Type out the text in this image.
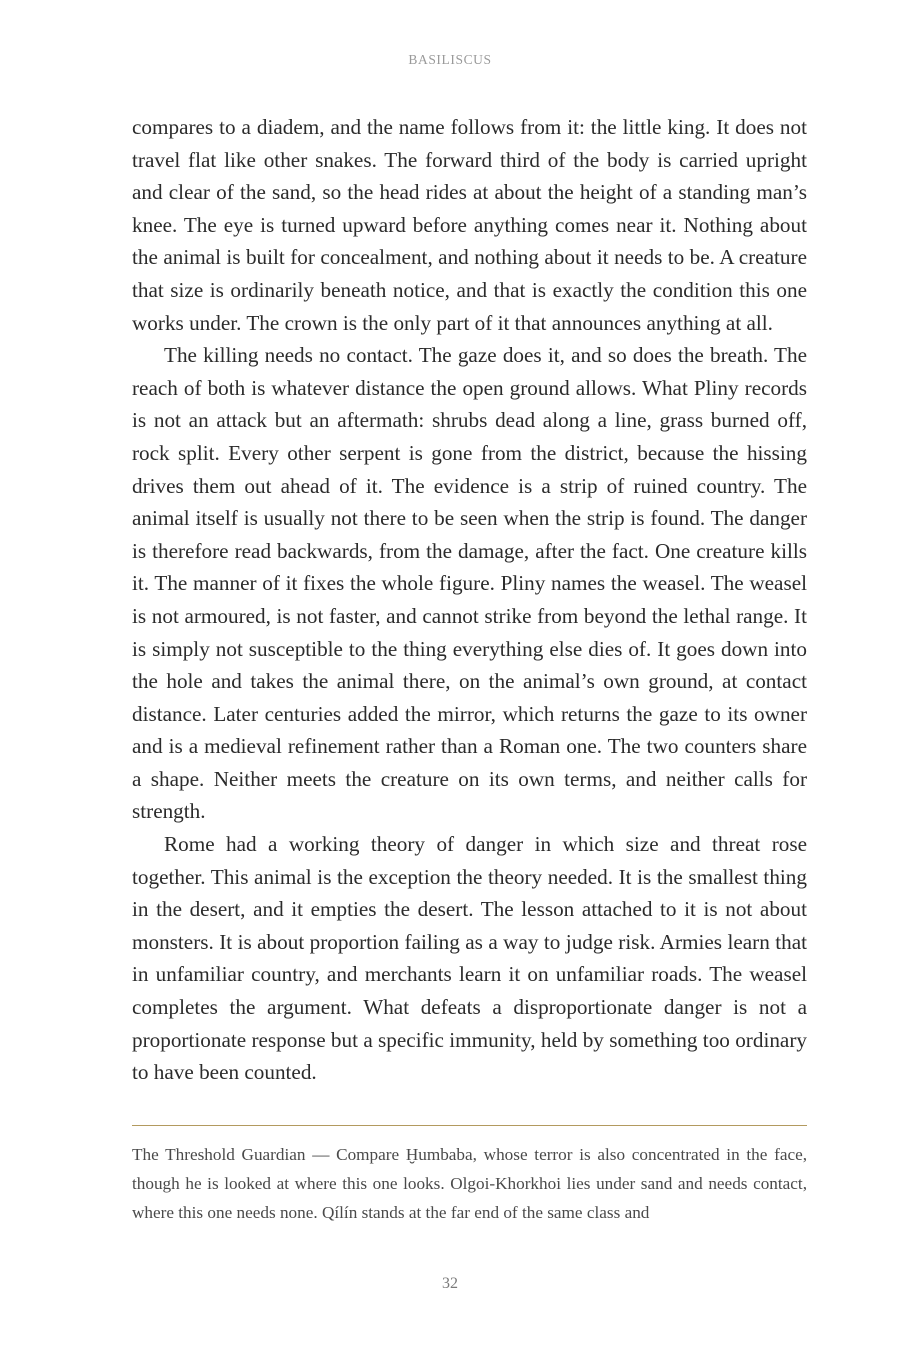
BASILISCUS

compares to a diadem, and the name follows from it: the little king. It does not travel flat like other snakes. The forward third of the body is carried upright and clear of the sand, so the head rides at about the height of a standing man’s knee. The eye is turned upward before anything comes near it. Nothing about the animal is built for concealment, and nothing about it needs to be. A creature that size is ordinarily beneath notice, and that is exactly the condition this one works under. The crown is the only part of it that announces anything at all.

The killing needs no contact. The gaze does it, and so does the breath. The reach of both is whatever distance the open ground allows. What Pliny records is not an attack but an aftermath: shrubs dead along a line, grass burned off, rock split. Every other serpent is gone from the district, because the hissing drives them out ahead of it. The evidence is a strip of ruined country. The animal itself is usually not there to be seen when the strip is found. The danger is therefore read backwards, from the damage, after the fact. One creature kills it. The manner of it fixes the whole figure. Pliny names the weasel. The weasel is not armoured, is not faster, and cannot strike from beyond the lethal range. It is simply not susceptible to the thing everything else dies of. It goes down into the hole and takes the animal there, on the animal’s own ground, at contact distance. Later centuries added the mirror, which returns the gaze to its owner and is a medieval refinement rather than a Roman one. The two counters share a shape. Neither meets the creature on its own terms, and neither calls for strength.

Rome had a working theory of danger in which size and threat rose together. This animal is the exception the theory needed. It is the smallest thing in the desert, and it empties the desert. The lesson attached to it is not about monsters. It is about proportion failing as a way to judge risk. Armies learn that in unfamiliar country, and merchants learn it on unfamiliar roads. The weasel completes the argument. What defeats a disproportionate danger is not a proportionate response but a specific immunity, held by something too ordinary to have been counted.

The Threshold Guardian — Compare Ḫumbaba, whose terror is also concentrated in the face, though he is looked at where this one looks. Olgoi-Khorkhoi lies under sand and needs contact, where this one needs none. Qílín stands at the far end of the same class and

32
